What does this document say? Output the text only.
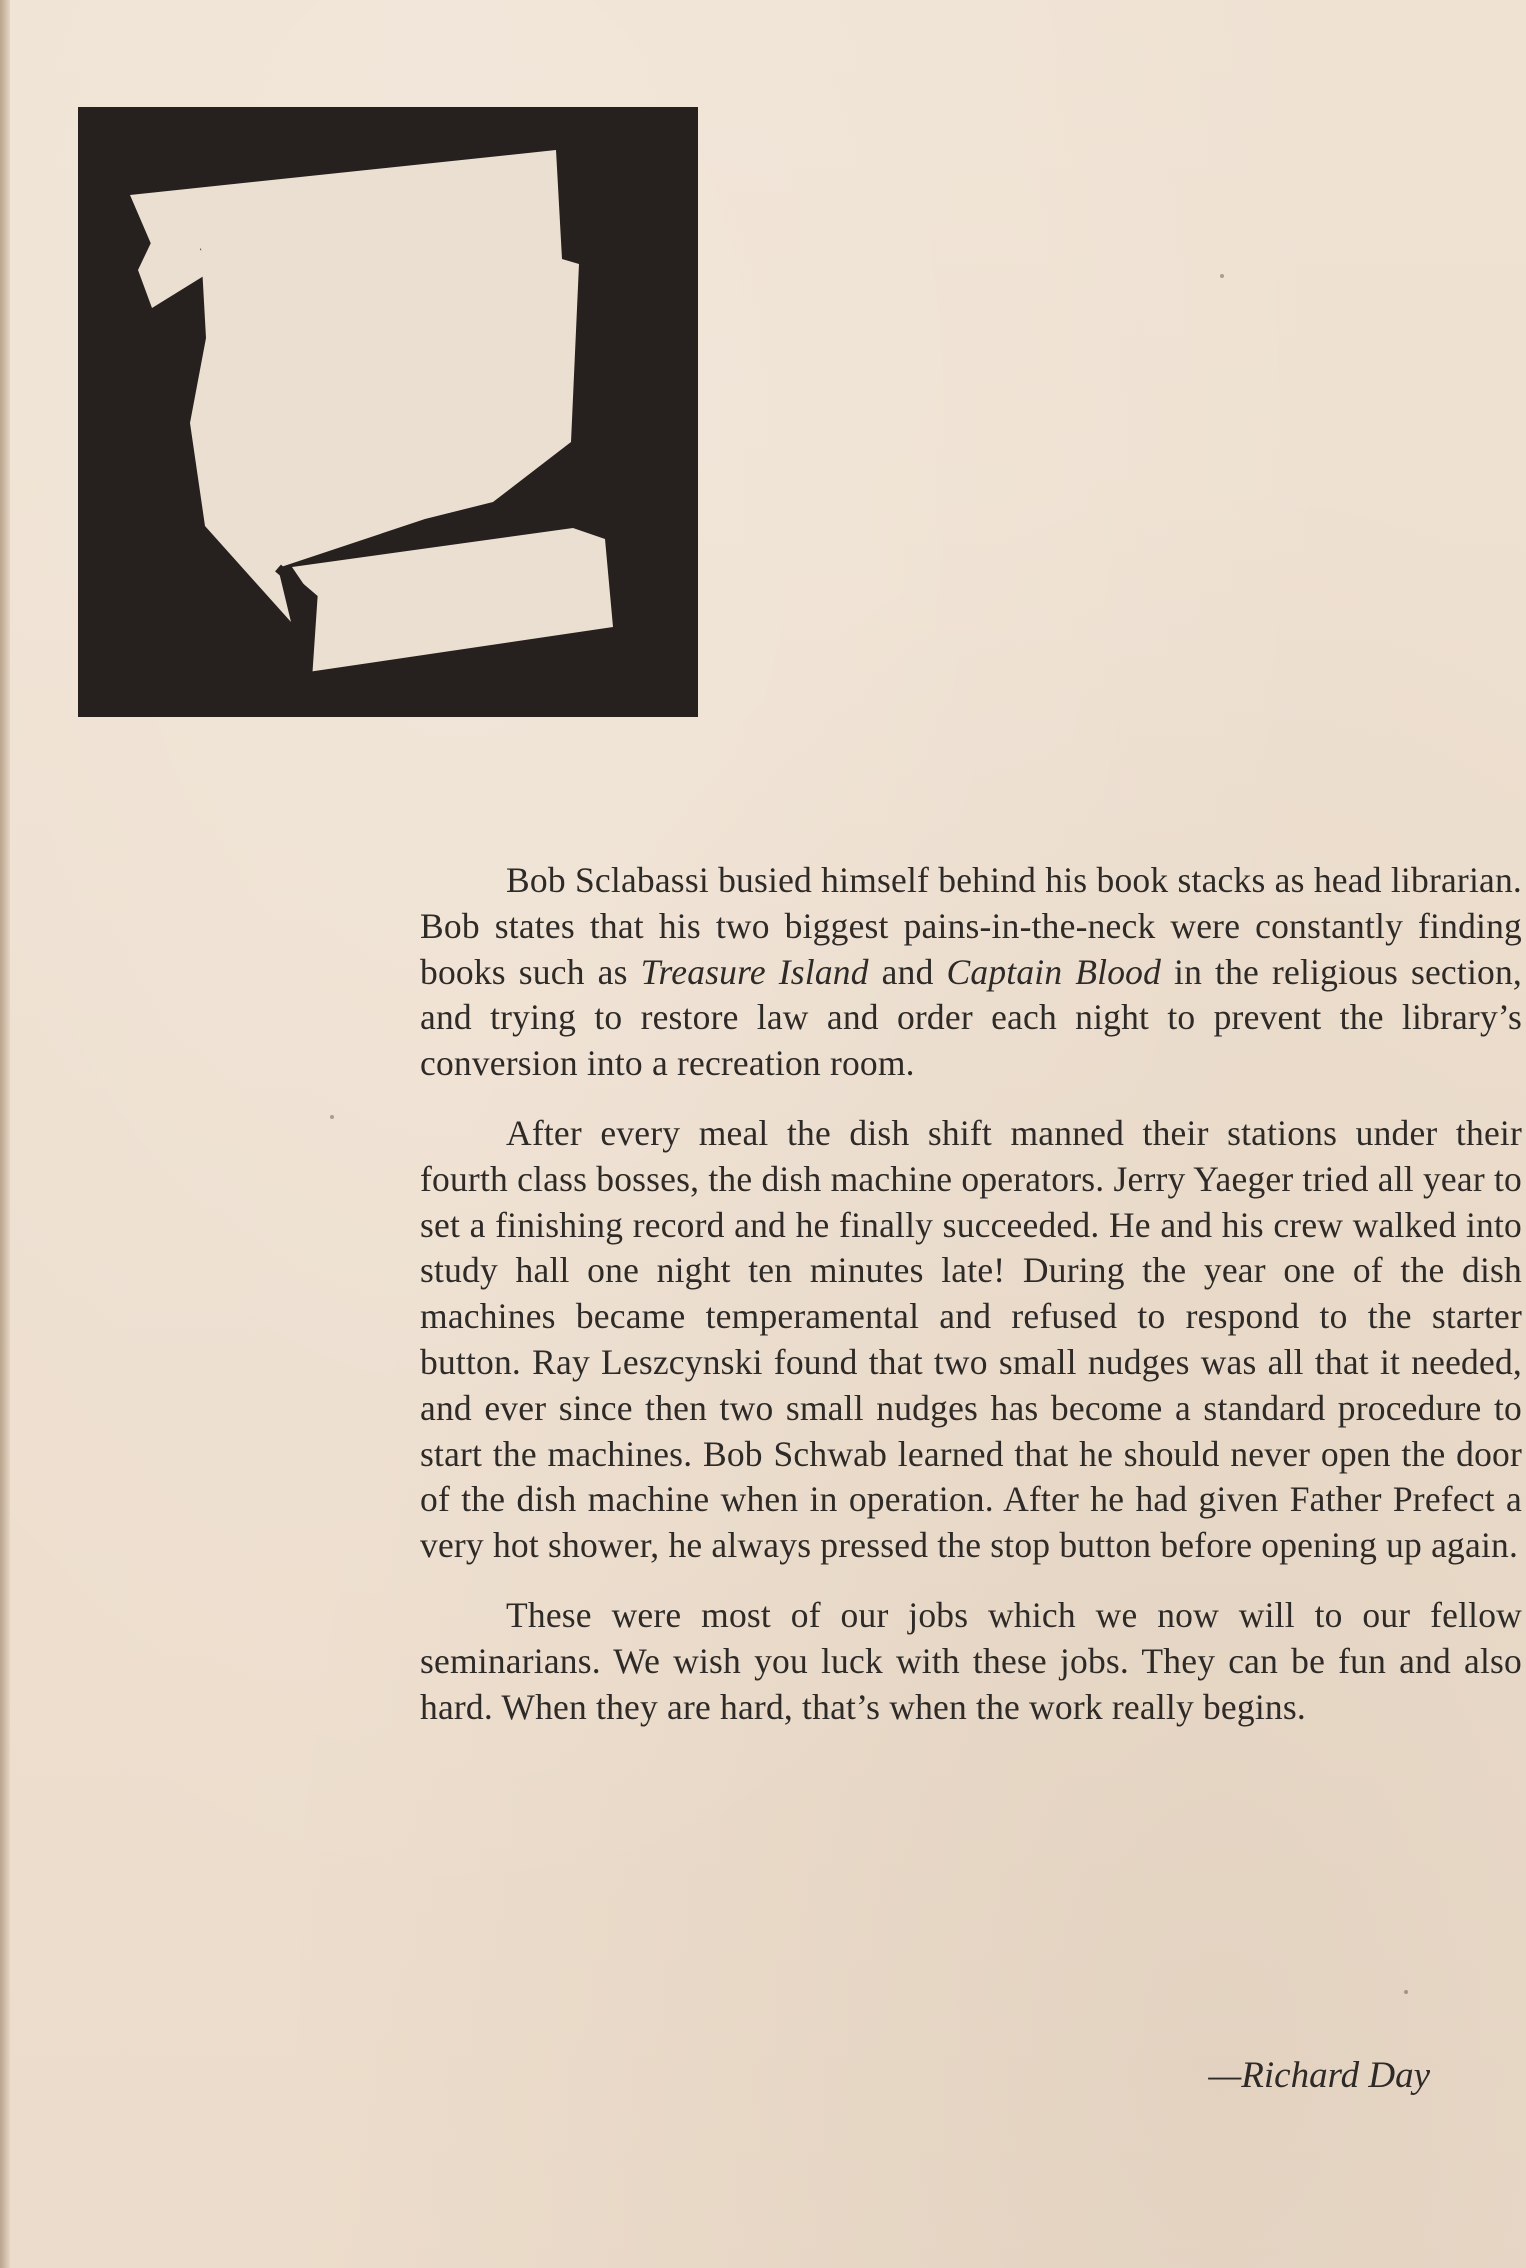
Bob Sclabassi busied himself behind his book stacks as head librarian. Bob states that his two biggest pains-in-the-neck were constantly finding books such as Treasure Island and Captain Blood in the religious section, and trying to restore law and order each night to prevent the library’s conversion into a recreation room.

After every meal the dish shift manned their stations under their fourth class bosses, the dish machine operators. Jerry Yaeger tried all year to set a finishing record and he finally succeeded. He and his crew walked into study hall one night ten minutes late! During the year one of the dish machines became temperamental and refused to respond to the starter button. Ray Leszcynski found that two small nudges was all that it needed, and ever since then two small nudges has become a standard procedure to start the machines. Bob Schwab learned that he should never open the door of the dish machine when in operation. After he had given Father Prefect a very hot shower, he always pressed the stop button before opening up again.

These were most of our jobs which we now will to our fellow seminarians. We wish you luck with these jobs. They can be fun and also hard. When they are hard, that’s when the work really begins.

—Richard Day
